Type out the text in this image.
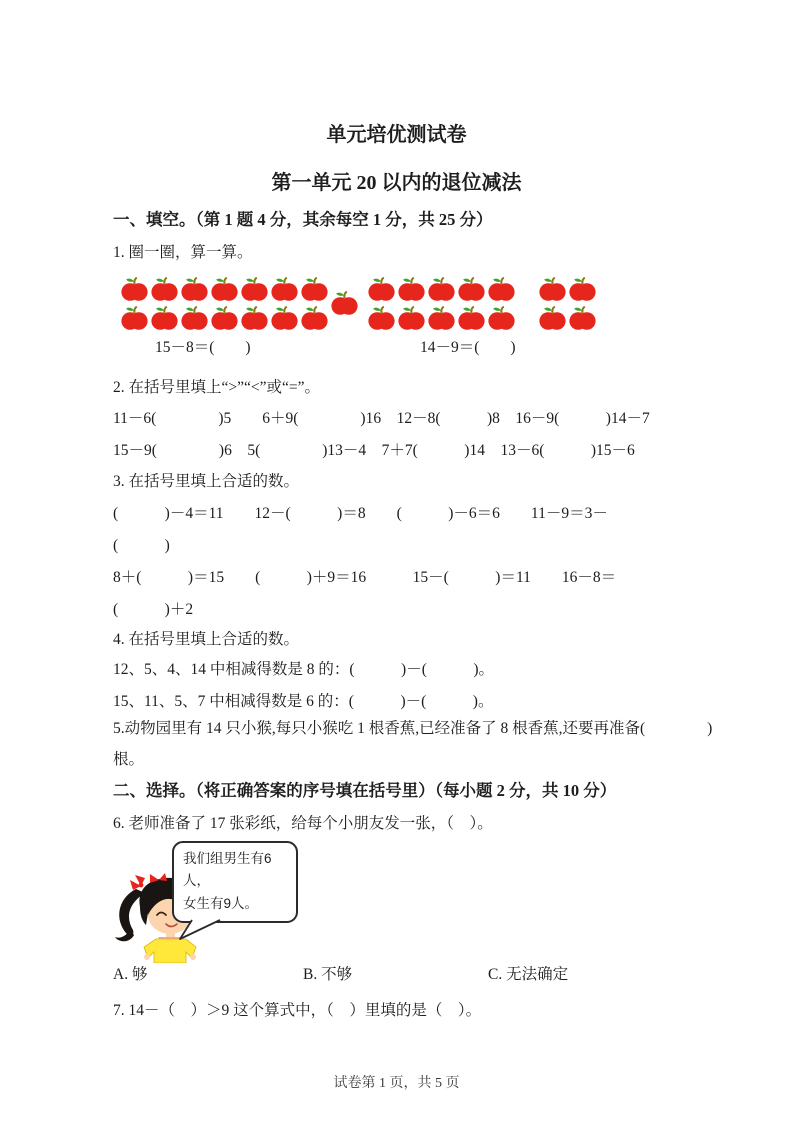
单元培优测试卷
第一单元 20 以内的退位减法
一、填空。（第 1 题 4 分，其余每空 1 分，共 25 分）
1. 圈一圈，算一算。
15－8＝(　　)	14－9＝(　　)
2. 在括号里填上“>”“<”或“=”。
11－6(　　　　)5　　6＋9(　　　　)16　12－8(　　　)8　16－9(　　　)14－7
15－9(　　　　)6　5(　　　　)13－4　7＋7(　　　)14　13－6(　　　)15－6
3. 在括号里填上合适的数。
(　　　)－4＝11　　12－(　　　)＝8　　(　　　)－6＝6　　11－9＝3－
(　　　)
8＋(　　　)＝15　　(　　　)＋9＝16　　　15－(　　　)＝11　　16－8＝
(　　　)＋2
4. 在括号里填上合适的数。
12、5、4、14 中相减得数是 8 的：(　　　)－(　　　)。
15、11、5、7 中相减得数是 6 的：(　　　)－(　　　)。
5.动物园里有 14 只小猴,每只小猴吃 1 根香蕉,已经准备了 8 根香蕉,还要再准备(　　　　)
根。
二、选择。（将正确答案的序号填在括号里）（每小题 2 分，共 10 分）
6. 老师准备了 17 张彩纸，给每个小朋友发一张，（　）。
我们组男生有6人，
女生有9人。
A. 够	B. 不够	C. 无法确定
7. 14－（　）＞9 这个算式中，（　）里填的是（　）。
试卷第 1 页，共 5 页
